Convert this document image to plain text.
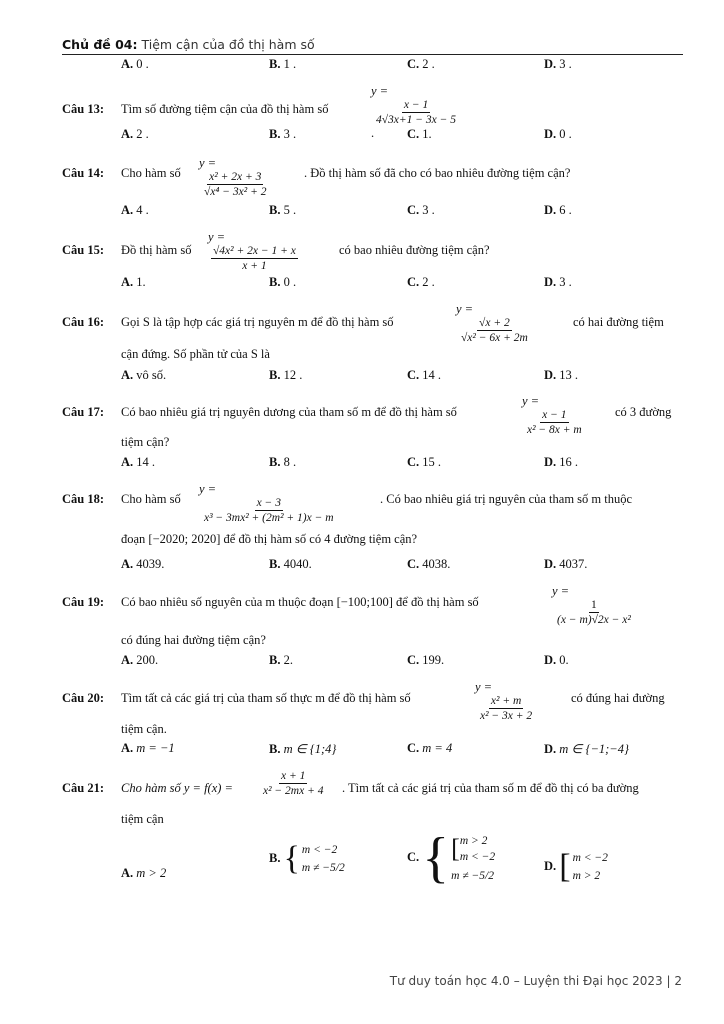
Chủ đề 04: Tiệm cận của đồ thị hàm số
A. 0 .	B. 1 .	C. 2 .	D. 3 .
Câu 13: Tìm số đường tiệm cận của đồ thị hàm số
y =
$\frac{x - 1}{4√3x+1 - 3x - 5}$
.
A. 2 .	B. 3 .	C. 1.	D. 0 .
Câu 14: Cho hàm số
y =
$\frac{\text{x² + 2x + 3}}{\text{√x⁴ − 3x² + 2}}$	. Đồ thị hàm số đã cho có bao nhiêu đường tiệm cận?
A. 4 .	B. 5 .	C. 3 .	D. 6 .
Câu 15: Đồ thị hàm số
y =
$\frac{\text{√4x² + 2x − 1 + x}}{x + 1}$	có bao nhiêu đường tiệm cận?
A. 1.	B. 0 .	C. 2 .	D. 3 .
Câu 16: Gọi S là tập hợp các giá trị nguyên m để đồ thị hàm số
y =
$\frac{√x + 2}{\text{√x² − 6x + 2m}}$	có hai đường tiệm
cận đứng. Số phần tử của S là
A. vô số.	B. 12 .	C. 14 .	D. 13 .
Câu 17: Có bao nhiêu giá trị nguyên dương của tham số m để đồ thị hàm số
y =
$\frac{x - 1}{\text{x² − 8x + m}}$	có 3 đường
tiệm cận?
A. 14 .	B. 8 .	C. 15 .	D. 16 .
Câu 18: Cho hàm số
y =
$\frac{x - 3}{\text{x³ − 3mx² + (2m² + 1)x − m}}$	. Có bao nhiêu giá trị nguyên của tham số m thuộc
đoạn [−2020; 2020] để đồ thị hàm số có 4 đường tiệm cận?
A. 4039.	B. 4040.	C. 4038.	D. 4037.
Câu 19: Có bao nhiêu số nguyên của m thuộc đoạn [−100;100] để đồ thị hàm số
y =
$\frac{1}{\text{(x − m)√2x − x²}}$
có đúng hai đường tiệm cận?
A. 200.	B. 2.	C. 199.	D. 0.
Câu 20: Tìm tất cả các giá trị của tham số thực m để đồ thị hàm số
y =
$\frac{\text{x² + m}}{\text{x² − 3x + 2}}$	có đúng hai đường
tiệm cận.
A. m = −1	B. m ∈ {1;4}	C. m = 4	D. m ∈ {−1;−4}
Câu 21: Cho hàm số $y = f(x) = \frac{x + 1}{\text{x² − 2mx + 4}}$ . Tìm tất cả các giá trị của tham số m để đồ thị có ba đường
tiệm cận
A. m > 2
B. { m < −2
m ≠ −5/2
C. { [ m > 2
m < −2
m ≠ −5/2
D. [ m < −2
m > 2
Tư duy toán học 4.0 – Luyện thi Đại học 2023 | 2
